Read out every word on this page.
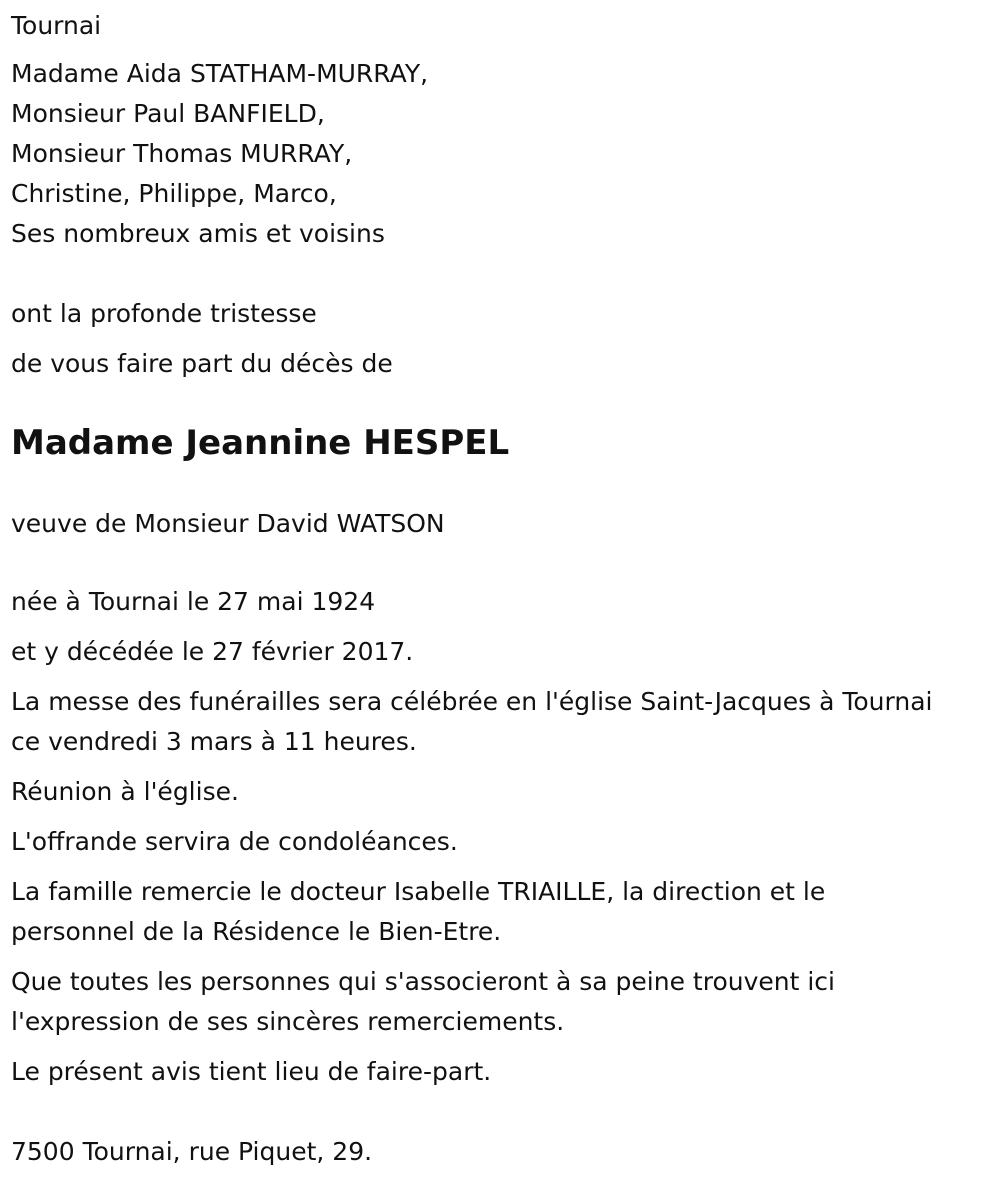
Tournai
Madame Aida STATHAM-MURRAY,
Monsieur Paul BANFIELD,
Monsieur Thomas MURRAY,
Christine, Philippe, Marco,
Ses nombreux amis et voisins
ont la profonde tristesse
de vous faire part du décès de
Madame Jeannine HESPEL
veuve de Monsieur David WATSON
née à Tournai le 27 mai 1924
et y décédée le 27 février 2017.
La messe des funérailles sera célébrée en l'église Saint-Jacques à Tournai
ce vendredi 3 mars à 11 heures.
Réunion à l'église.
L'offrande servira de condoléances.
La famille remercie le docteur Isabelle TRIAILLE, la direction et le
personnel de la Résidence le Bien-Etre.
Que toutes les personnes qui s'associeront à sa peine trouvent ici
l'expression de ses sincères remerciements.
Le présent avis tient lieu de faire-part.
7500 Tournai, rue Piquet, 29.
